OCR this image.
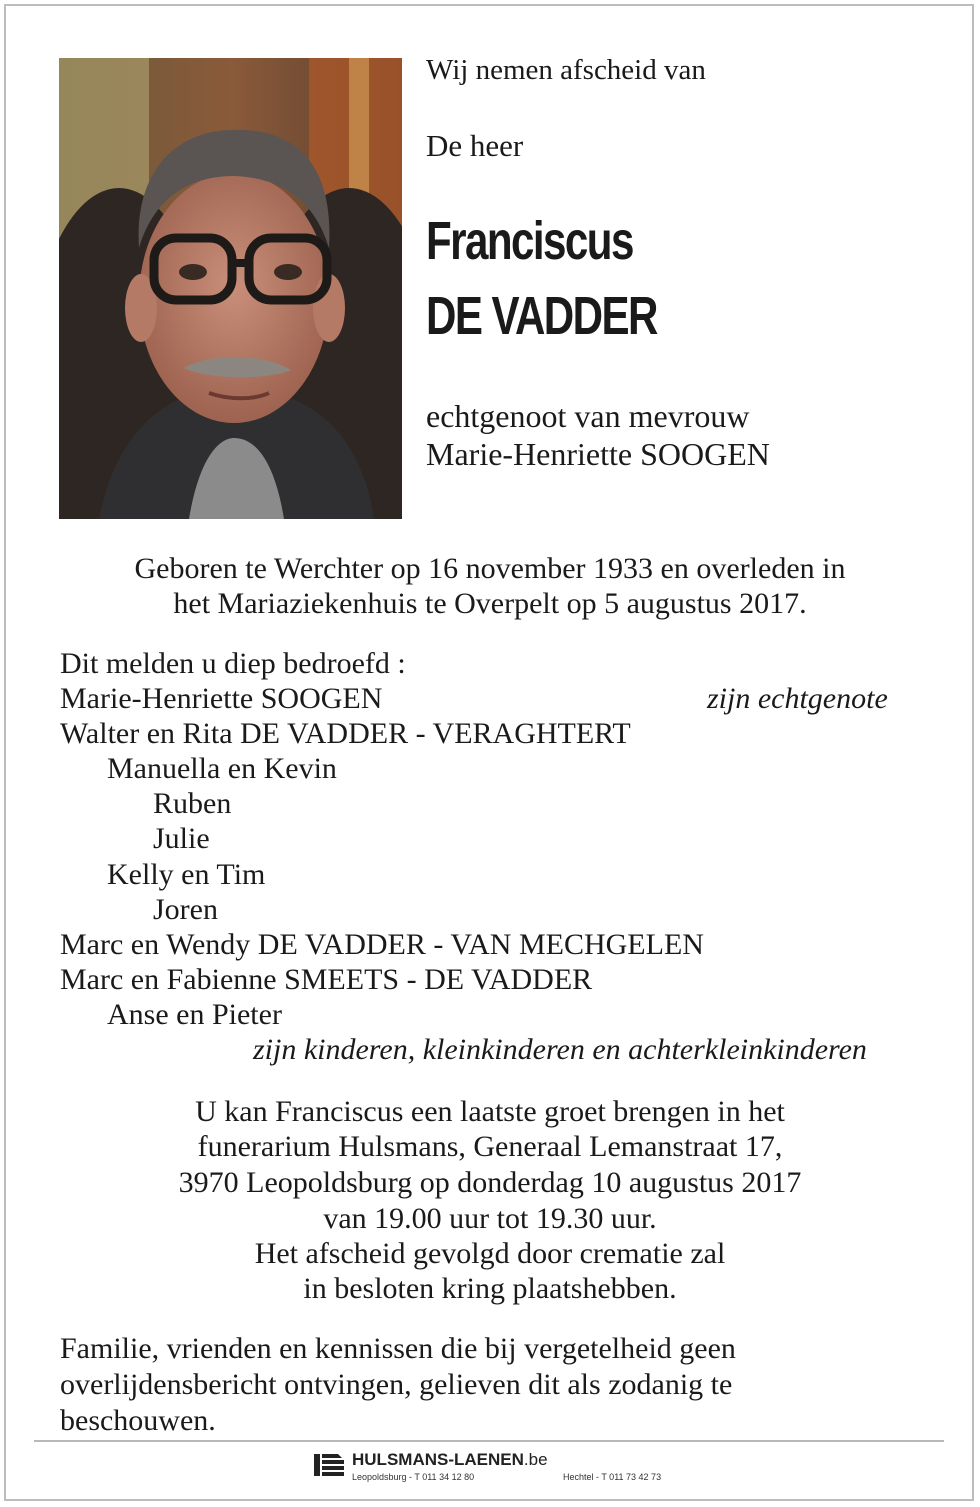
Wij nemen afscheid van
De heer
Franciscus
DE VADDER
echtgenoot van mevrouw
Marie-Henriette SOOGEN
Geboren te Werchter op 16 november 1933 en overleden in
het Mariaziekenhuis te Overpelt op 5 augustus 2017.
Dit melden u diep bedroefd :
Marie-Henriette SOOGEN	zijn echtgenote
Walter en Rita DE VADDER - VERAGHTERT
Manuella en Kevin
Ruben
Julie
Kelly en Tim
Joren
Marc en Wendy DE VADDER - VAN MECHGELEN
Marc en Fabienne SMEETS - DE VADDER
Anse en Pieter
zijn kinderen, kleinkinderen en achterkleinkinderen
U kan Franciscus een laatste groet brengen in het
funerarium Hulsmans, Generaal Lemanstraat 17,
3970 Leopoldsburg op donderdag 10 augustus 2017
van 19.00 uur tot 19.30 uur.
Het afscheid gevolgd door crematie zal
in besloten kring plaatshebben.
Familie, vrienden en kennissen die bij vergetelheid geen
overlijdensbericht ontvingen, gelieven dit als zodanig te
beschouwen.
HULSMANS-LAENEN.be
Leopoldsburg - T 011 34 12 80	Hechtel - T 011 73 42 73
